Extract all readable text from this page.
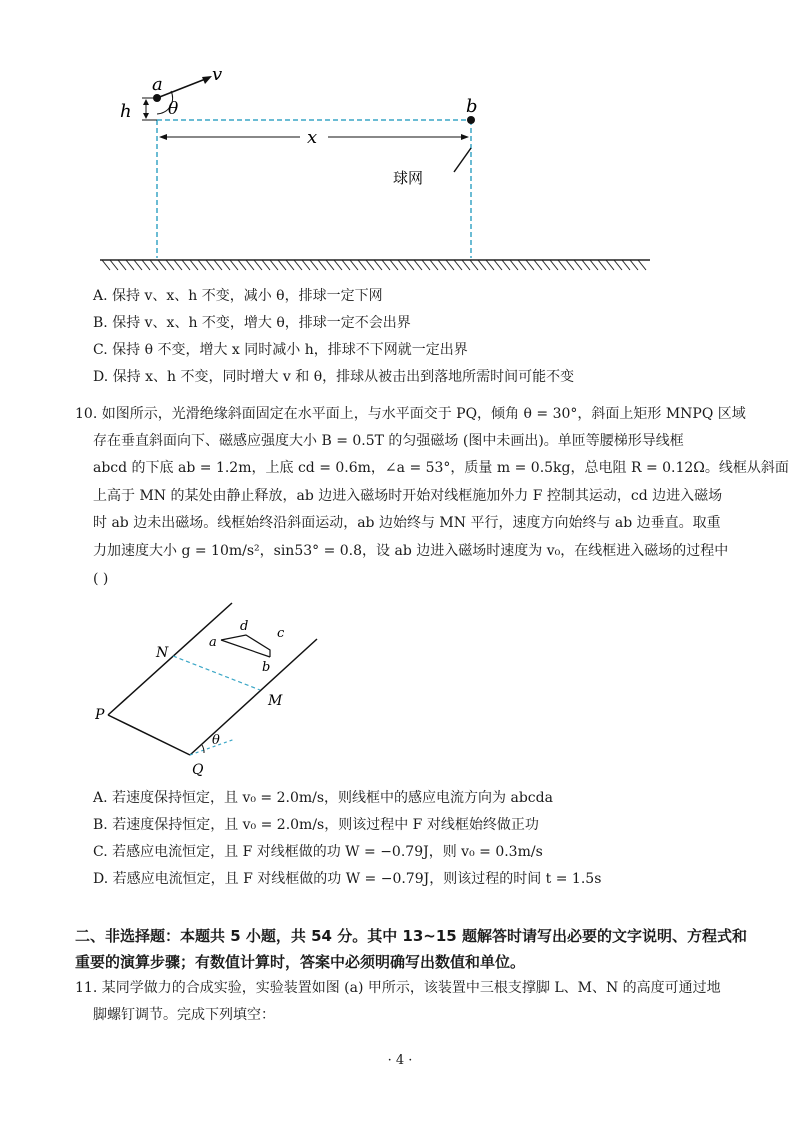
a	v
θ
h
x
b
球网
A. 保持 v、x、h 不变，减小 θ，排球一定下网
B. 保持 v、x、h 不变，增大 θ，排球一定不会出界
C. 保持 θ 不变，增大 x 同时减小 h，排球不下网就一定出界
D. 保持 x、h 不变，同时增大 v 和 θ，排球从被击出到落地所需时间可能不变
10. 如图所示，光滑绝缘斜面固定在水平面上，与水平面交于 PQ，倾角 θ = 30°，斜面上矩形 MNPQ 区域
存在垂直斜面向下、磁感应强度大小 B = 0.5T 的匀强磁场 (图中未画出)。单匝等腰梯形导线框
abcd 的下底 ab = 1.2m，上底 cd = 0.6m，∠a = 53°，质量 m = 0.5kg，总电阻 R = 0.12Ω。线框从斜面
上高于 MN 的某处由静止释放，ab 边进入磁场时开始对线框施加外力 F 控制其运动，cd 边进入磁场
时 ab 边未出磁场。线框始终沿斜面运动，ab 边始终与 MN 平行，速度方向始终与 ab 边垂直。取重
力加速度大小 g = 10m/s²，sin53° = 0.8，设 ab 边进入磁场时速度为 v₀，在线框进入磁场的过程中
( )
θ
N
M
P
Q
a
d c
b
A. 若速度保持恒定，且 v₀ = 2.0m/s，则线框中的感应电流方向为 abcda
B. 若速度保持恒定，且 v₀ = 2.0m/s，则该过程中 F 对线框始终做正功
C. 若感应电流恒定，且 F 对线框做的功 W = −0.79J，则 v₀ = 0.3m/s
D. 若感应电流恒定，且 F 对线框做的功 W = −0.79J，则该过程的时间 t = 1.5s
二、非选择题：本题共 5 小题，共 54 分。其中 13~15 题解答时请写出必要的文字说明、方程式和
重要的演算步骤；有数值计算时，答案中必须明确写出数值和单位。
11. 某同学做力的合成实验，实验装置如图 (a) 甲所示，该装置中三根支撑脚 L、M、N 的高度可通过地
脚螺钉调节。完成下列填空：
· 4 ·
